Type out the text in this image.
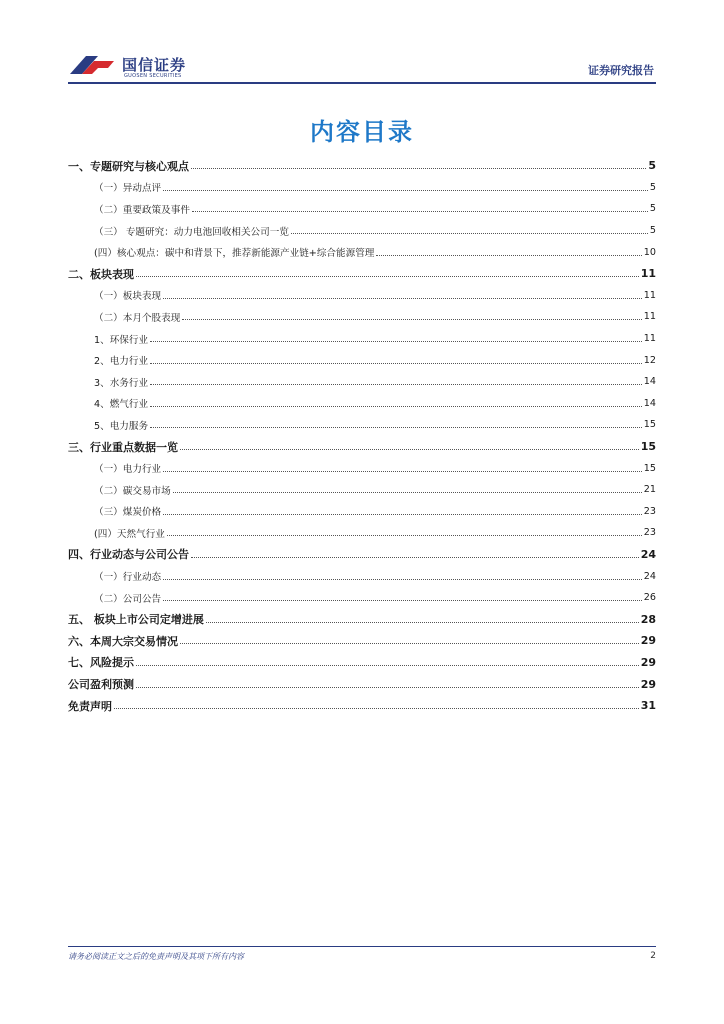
国信证券
GUOSEN SECURITIES	证券研究报告
内容目录
一、专题研究与核心观点	5
（一）异动点评	5
（二）重要政策及事件	5
（三） 专题研究：动力电池回收相关公司一览	5
(四）核心观点：碳中和背景下，推荐新能源产业链+综合能源管理	10
二、板块表现	11
（一）板块表现	11
（二）本月个股表现	11
1、环保行业	11
2、电力行业	12
3、水务行业	14
4、燃气行业	14
5、电力服务	15
三、行业重点数据一览	15
（一）电力行业	15
（二）碳交易市场	21
（三）煤炭价格	23
(四）天然气行业	23
四、行业动态与公司公告	24
（一）行业动态	24
（二）公司公告	26
五、 板块上市公司定增进展	28
六、本周大宗交易情况	29
七、风险提示	29
公司盈利预测	29
免责声明	31
请务必阅读正文之后的免责声明及其项下所有内容	2
